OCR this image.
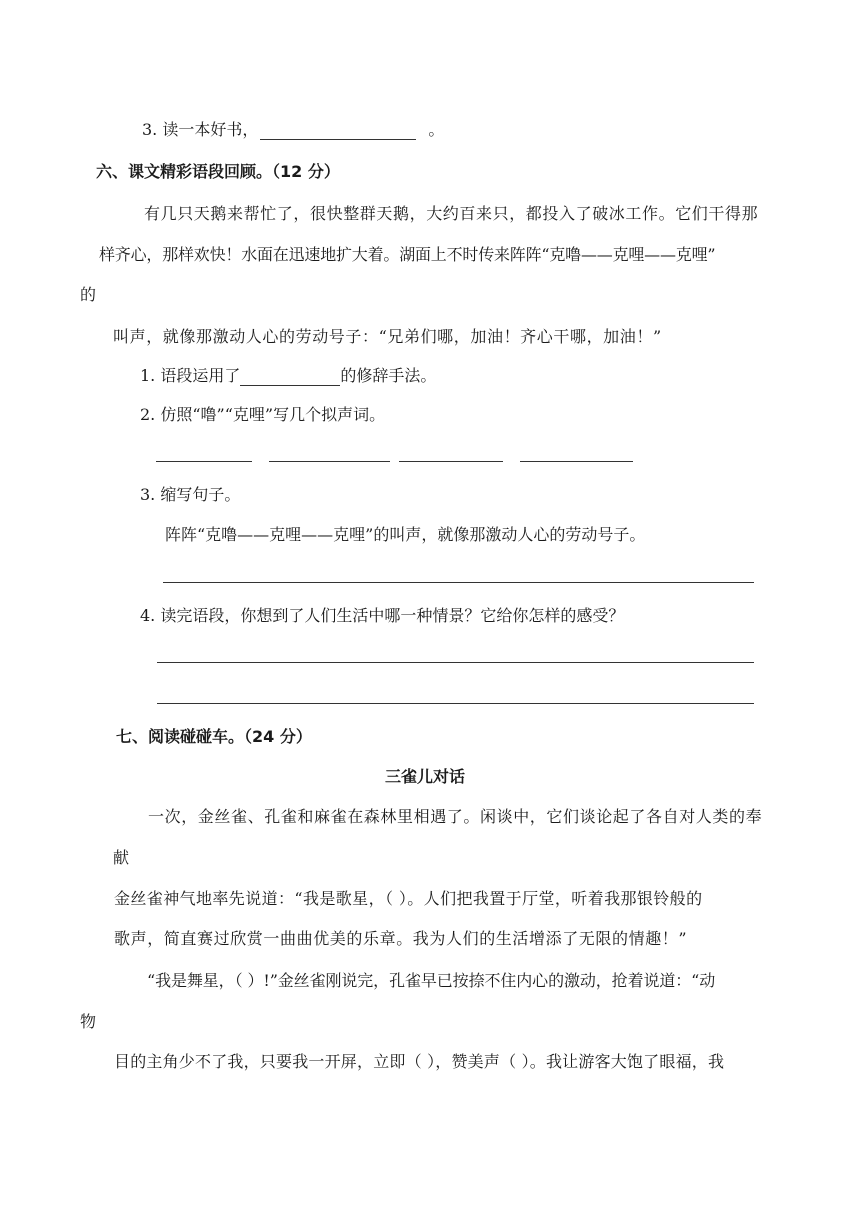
3. 读一本好书，	。
六、课文精彩语段回顾。（12 分）
有几只天鹅来帮忙了，很快整群天鹅，大约百来只，都投入了破冰工作。它们干得那
样齐心，那样欢快！水面在迅速地扩大着。湖面上不时传来阵阵“克噜——克哩——克哩”
的
叫声，就像那激动人心的劳动号子：“兄弟们哪，加油！齐心干哪，加油！”
1. 语段运用了	的修辞手法。
2. 仿照“噜”“克哩”写几个拟声词。
3. 缩写句子。
阵阵“克噜——克哩——克哩”的叫声，就像那激动人心的劳动号子。
4. 读完语段，你想到了人们生活中哪一种情景？它给你怎样的感受？
七、阅读碰碰车。（24 分）
三雀儿对话
一次，金丝雀、孔雀和麻雀在森林里相遇了。闲谈中，它们谈论起了各自对人类的奉
献
金丝雀神气地率先说道：“我是歌星，（ ）。人们把我置于厅堂，听着我那银铃般的
歌声，简直赛过欣赏一曲曲优美的乐章。我为人们的生活增添了无限的情趣！”
“我是舞星，（ ）!”金丝雀刚说完，孔雀早已按捺不住内心的激动，抢着说道：“动
物
目的主角少不了我，只要我一开屏，立即（ ），赞美声（ ）。我让游客大饱了眼福，我
